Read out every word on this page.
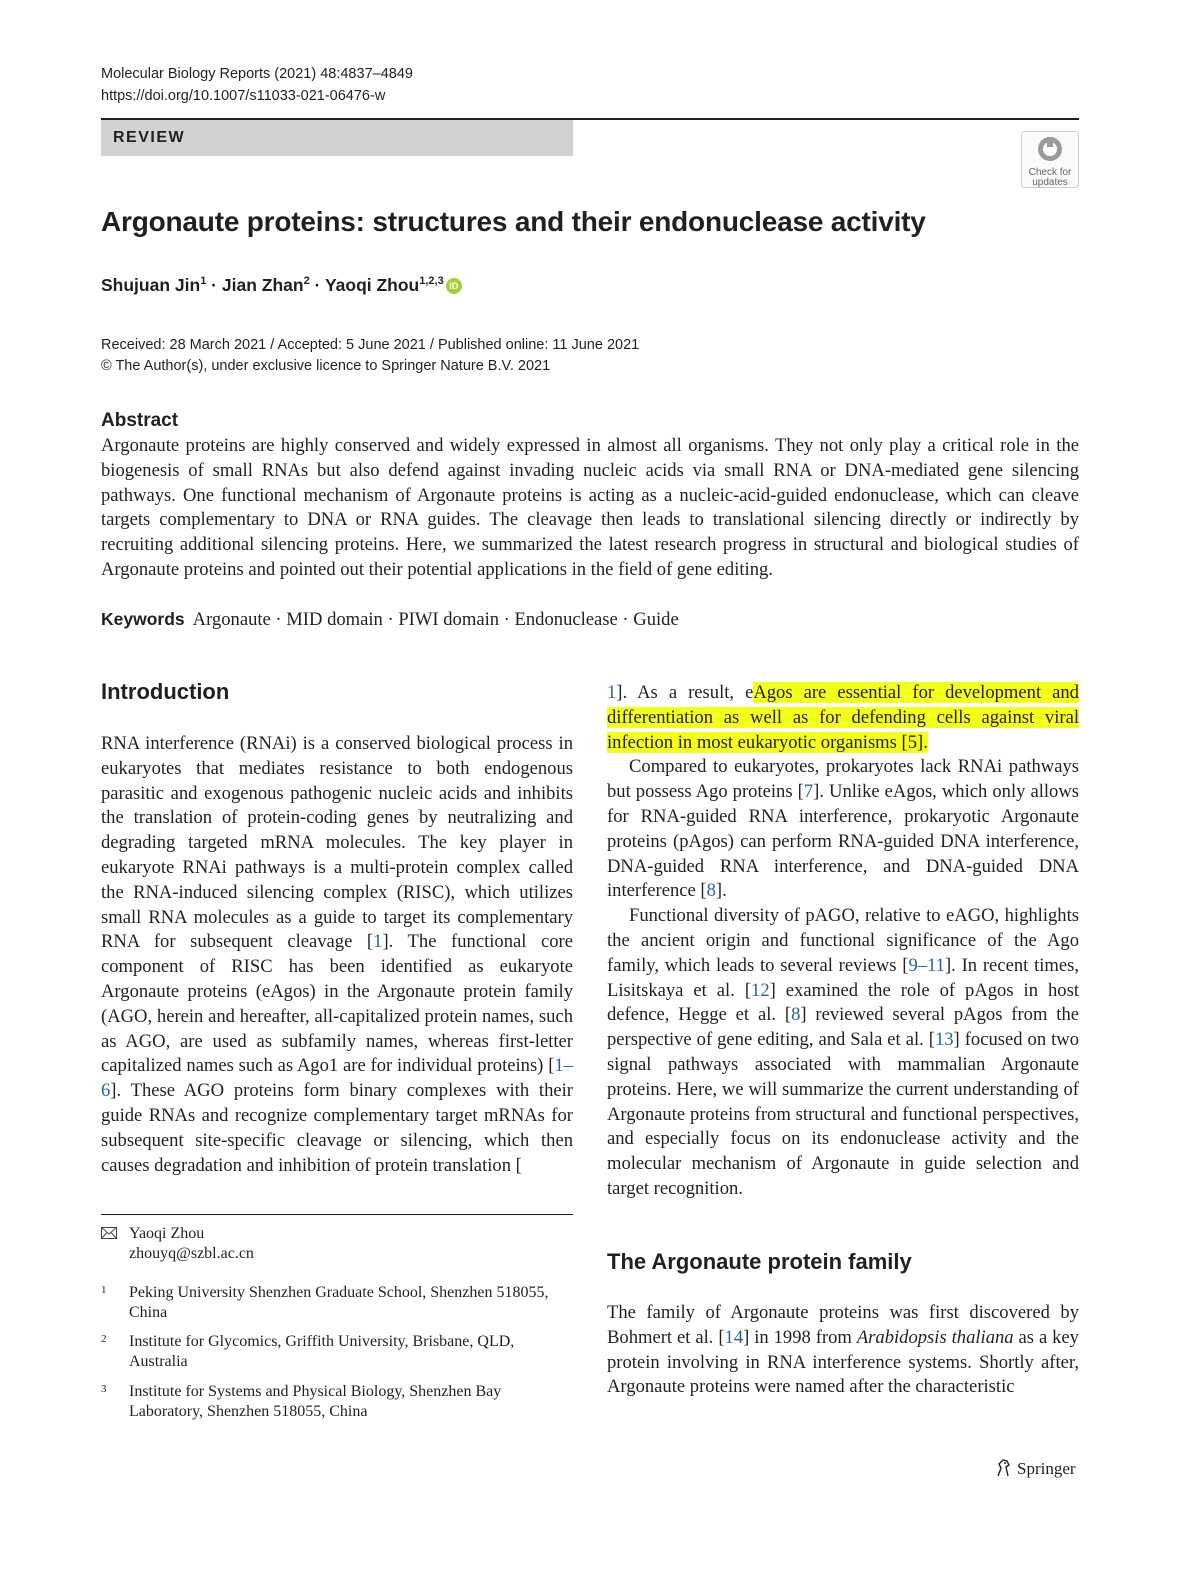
Molecular Biology Reports (2021) 48:4837–4849
https://doi.org/10.1007/s11033-021-06476-w
REVIEW
Check for
updates
Argonaute proteins: structures and their endonuclease activity
Shujuan Jin$^1$ · Jian Zhan$^2$ · Yaoqi Zhou$^{1,2,3}$ iD
Received: 28 March 2021 / Accepted: 5 June 2021 / Published online: 11 June 2021
© The Author(s), under exclusive licence to Springer Nature B.V. 2021
Abstract
Argonaute proteins are highly conserved and widely expressed in almost all organisms. They not only play a critical role in the biogenesis of small RNAs but also defend against invading nucleic acids via small RNA or DNA-mediated gene silencing pathways. One functional mechanism of Argonaute proteins is acting as a nucleic-acid-guided endonuclease, which can cleave targets complementary to DNA or RNA guides. The cleavage then leads to translational silencing directly or indirectly by recruiting additional silencing proteins. Here, we summarized the latest research progress in structural and biological studies of Argonaute proteins and pointed out their potential applications in the field of gene editing.
Keywords Argonaute · MID domain · PIWI domain · Endonuclease · Guide
Introduction

RNA interference (RNAi) is a conserved biological process in eukaryotes that mediates resistance to both endogenous parasitic and exogenous pathogenic nucleic acids and inhibits the translation of protein-coding genes by neutralizing and degrading targeted mRNA molecules. The key player in eukaryote RNAi pathways is a multi-protein complex called the RNA-induced silencing complex (RISC), which utilizes small RNA molecules as a guide to target its complementary RNA for subsequent cleavage [1]. The functional core component of RISC has been identified as eukaryote Argonaute proteins (eAgos) in the Argonaute protein family (AGO, herein and hereafter, all-capitalized protein names, such as AGO, are used as subfamily names, whereas first-letter capitalized names such as Ago1 are for individual proteins) [1–6]. These AGO proteins form binary complexes with their guide RNAs and recognize complementary target mRNAs for subsequent site-specific cleavage or silencing, which then causes degradation and inhibition of protein translation [

1]. As a result, eAgos are essential for development and differentiation as well as for defending cells against viral infection in most eukaryotic organisms [5].

Compared to eukaryotes, prokaryotes lack RNAi pathways but possess Ago proteins [7]. Unlike eAgos, which only allows for RNA-guided RNA interference, prokaryotic Argonaute proteins (pAgos) can perform RNA-guided DNA interference, DNA-guided RNA interference, and DNA-guided DNA interference [8].

Functional diversity of pAGO, relative to eAGO, highlights the ancient origin and functional significance of the Ago family, which leads to several reviews [9–11]. In recent times, Lisitskaya et al. [12] examined the role of pAgos in host defence, Hegge et al. [8] reviewed several pAgos from the perspective of gene editing, and Sala et al. [13] focused on two signal pathways associated with mammalian Argonaute proteins. Here, we will summarize the current understanding of Argonaute proteins from structural and functional perspectives, and especially focus on its endonuclease activity and the molecular mechanism of Argonaute in guide selection and target recognition.

The Argonaute protein family

The family of Argonaute proteins was first discovered by Bohmert et al. [14] in 1998 from Arabidopsis thaliana as a key protein involving in RNA interference systems. Shortly after, Argonaute proteins were named after the characteristic

Yaoqi Zhou
zhouyq@szbl.ac.cn
1 Peking University Shenzhen Graduate School, Shenzhen 518055, China
2 Institute for Glycomics, Griffith University, Brisbane, QLD, Australia
3 Institute for Systems and Physical Biology, Shenzhen Bay Laboratory, Shenzhen 518055, China
Springer
